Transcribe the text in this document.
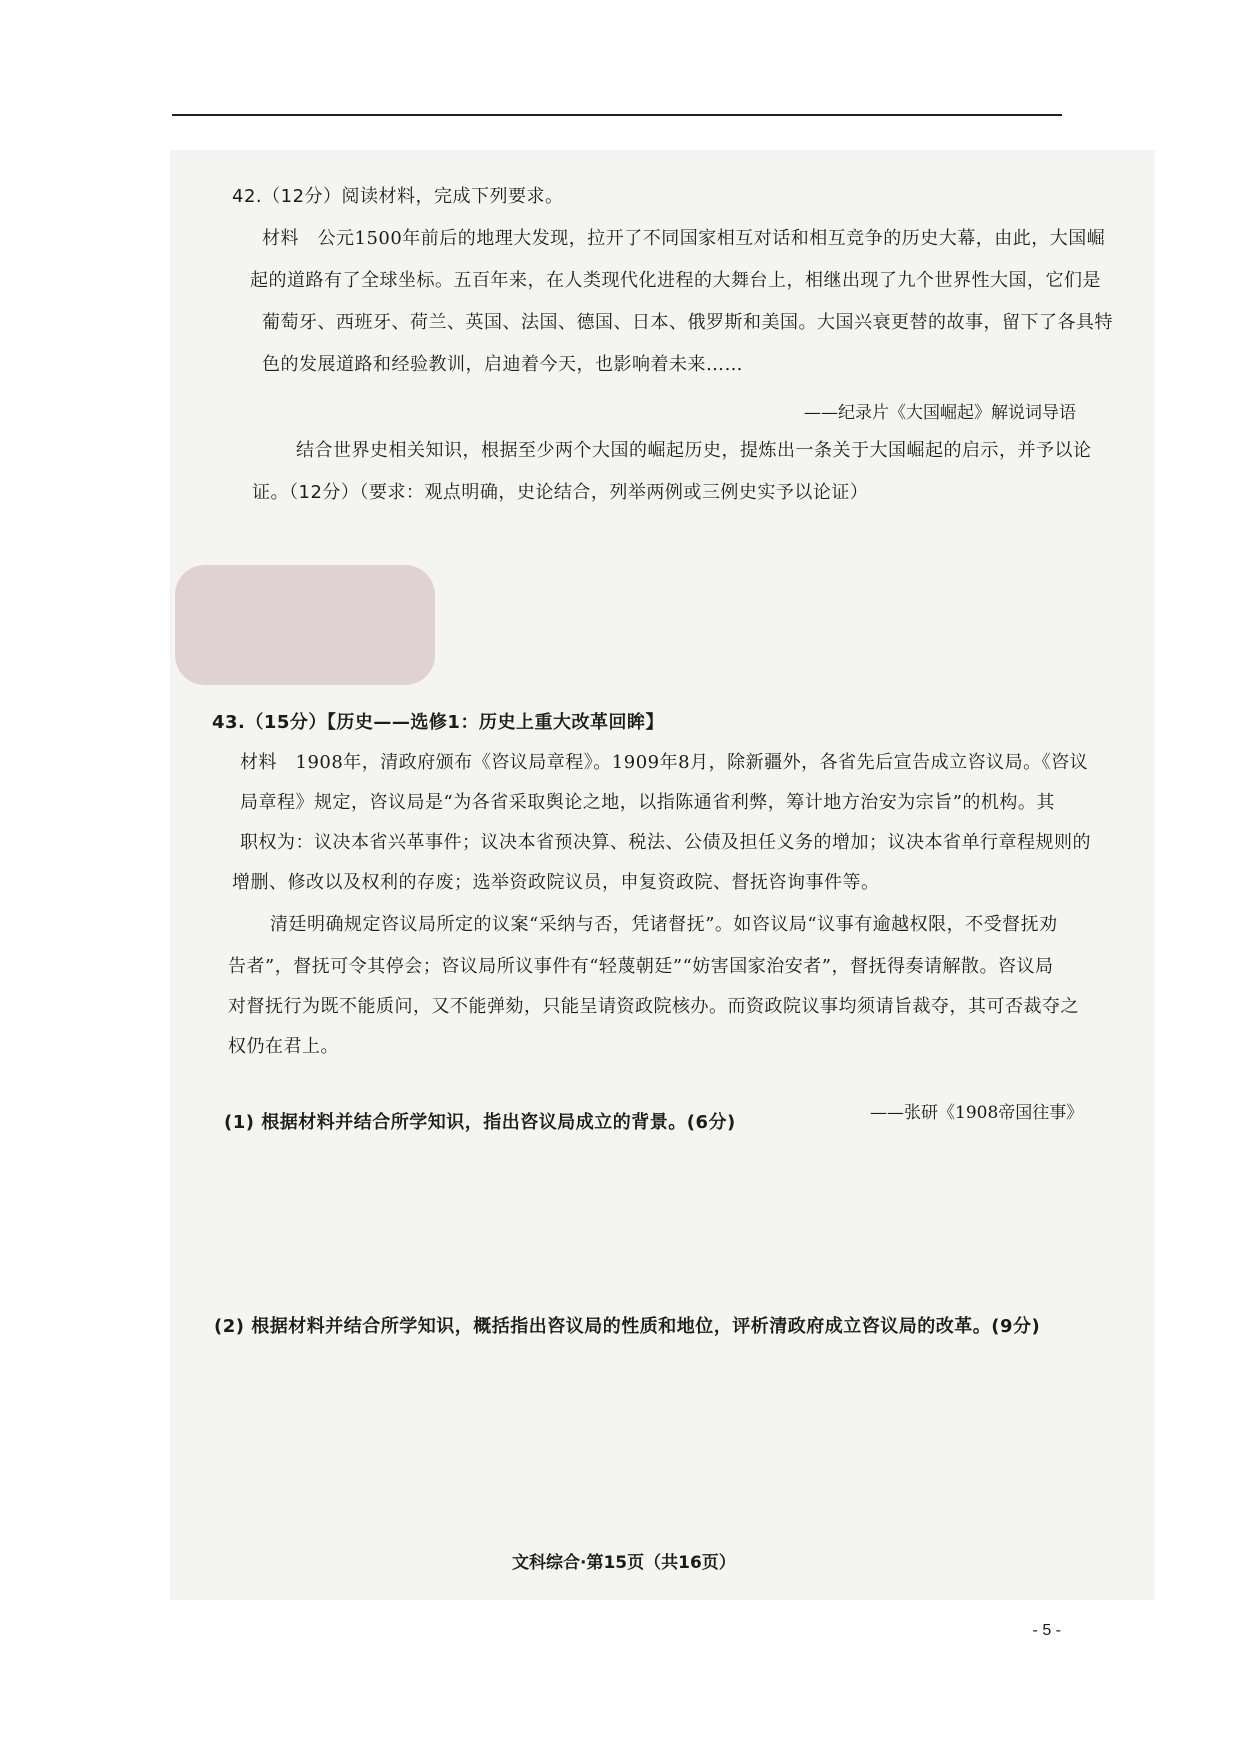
42.（12分）阅读材料，完成下列要求。
材料　公元1500年前后的地理大发现，拉开了不同国家相互对话和相互竞争的历史大幕，由此，大国崛
起的道路有了全球坐标。五百年来，在人类现代化进程的大舞台上，相继出现了九个世界性大国，它们是
葡萄牙、西班牙、荷兰、英国、法国、德国、日本、俄罗斯和美国。大国兴衰更替的故事，留下了各具特
色的发展道路和经验教训，启迪着今天，也影响着未来……
——纪录片《大国崛起》解说词导语
结合世界史相关知识，根据至少两个大国的崛起历史，提炼出一条关于大国崛起的启示，并予以论
证。（12分）（要求：观点明确，史论结合，列举两例或三例史实予以论证）
43.（15分）【历史——选修1：历史上重大改革回眸】
材料　1908年，清政府颁布《咨议局章程》。1909年8月，除新疆外，各省先后宣告成立咨议局。《咨议
局章程》规定，咨议局是“为各省采取舆论之地，以指陈通省利弊，筹计地方治安为宗旨”的机构。其
职权为：议决本省兴革事件；议决本省预决算、税法、公债及担任义务的增加；议决本省单行章程规则的
增删、修改以及权利的存废；选举资政院议员，申复资政院、督抚咨询事件等。
清廷明确规定咨议局所定的议案“采纳与否，凭诸督抚”。如咨议局“议事有逾越权限，不受督抚劝
告者”，督抚可令其停会；咨议局所议事件有“轻蔑朝廷”“妨害国家治安者”，督抚得奏请解散。咨议局
对督抚行为既不能质问，又不能弹劾，只能呈请资政院核办。而资政院议事均须请旨裁夺，其可否裁夺之
权仍在君上。
——张研《1908帝国往事》
(1) 根据材料并结合所学知识，指出咨议局成立的背景。(6分)
(2) 根据材料并结合所学知识，概括指出咨议局的性质和地位，评析清政府成立咨议局的改革。(9分)
文科综合·第15页（共16页）
- 5 -
